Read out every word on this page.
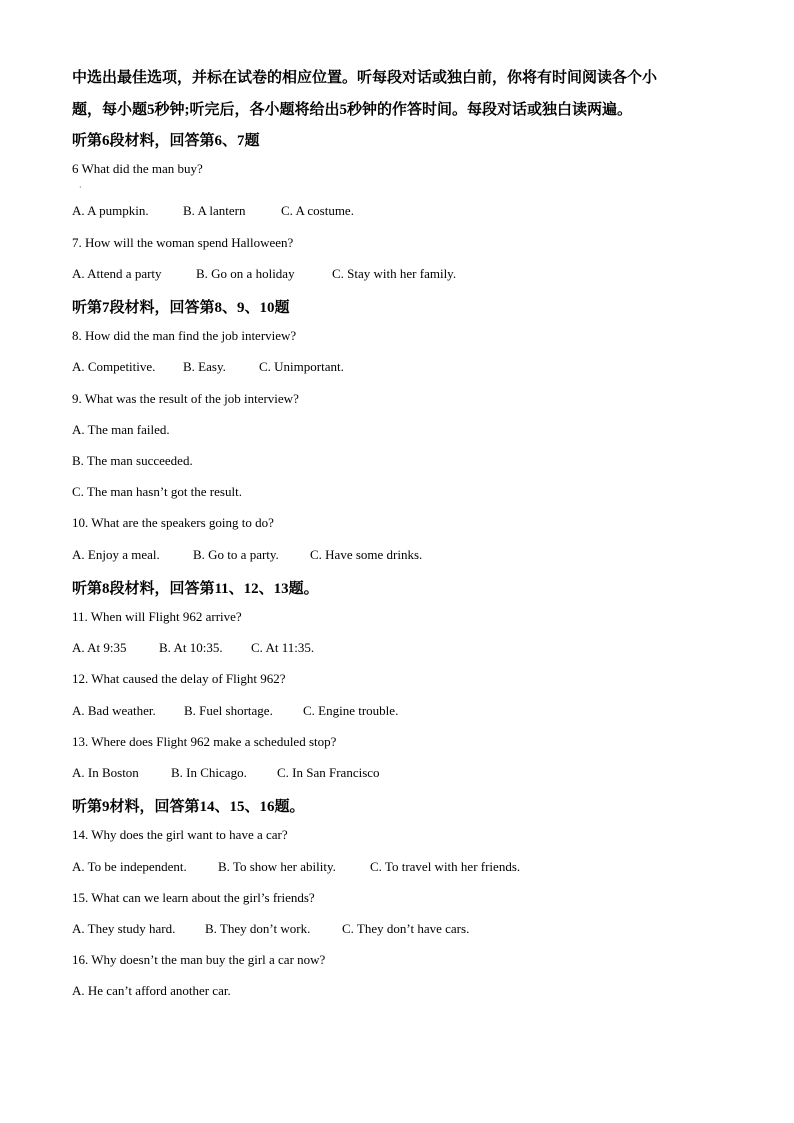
中选出最佳选项，并标在试卷的相应位置。听每段对话或独白前，你将有时间阅读各个小
题，每小题5秒钟;听完后，各小题将给出5秒钟的作答时间。每段对话或独白读两遍。
听第6段材料，回答第6、7题
6 What did the man buy?
·
A. A pumpkin.	B. A lantern	C. A costume.
7. How will the woman spend Halloween?
A. Attend a party	B. Go on a holiday	C. Stay with her family.
听第7段材料，回答第8、9、10题
8. How did the man find the job interview?
A. Competitive. B. Easy.	C. Unimportant.
9. What was the result of the job interview?
A. The man failed.
B. The man succeeded.
C. The man hasn’t got the result.
10. What are the speakers going to do?
A. Enjoy a meal.	B. Go to a party. C. Have some drinks.
听第8段材料，回答第11、12、13题。
11. When will Flight 962 arrive?
A. At 9:35 B. At 10:35. C. At 11:35.
12. What caused the delay of Flight 962?
A. Bad weather. B. Fuel shortage. C. Engine trouble.
13. Where does Flight 962 make a scheduled stop?
A. In Boston B. In Chicago. C. In San Francisco
听第9材料，回答第14、15、16题。
14. Why does the girl want to have a car?
A. To be independent. B. To show her ability.	C. To travel with her friends.
15. What can we learn about the girl’s friends?
A. They study hard. B. They don’t work. C. They don’t have cars.
16. Why doesn’t the man buy the girl a car now?
A. He can’t afford another car.
